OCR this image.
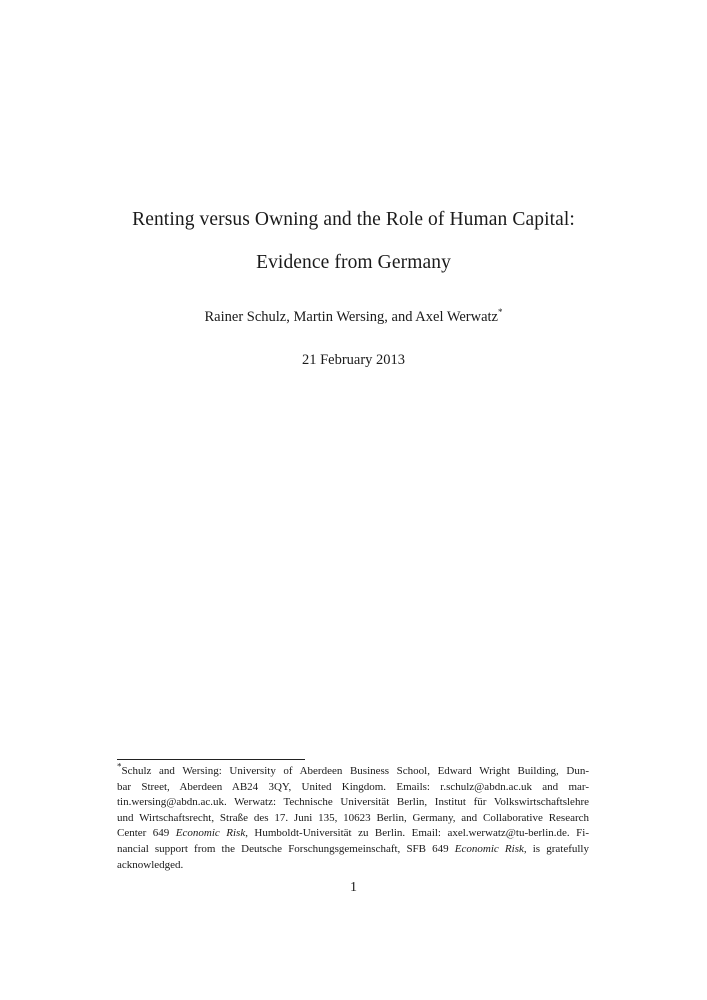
Renting versus Owning and the Role of Human Capital:
Evidence from Germany
Rainer Schulz, Martin Wersing, and Axel Werwatz*
21 February 2013
*Schulz and Wersing: University of Aberdeen Business School, Edward Wright Building, Dun-
bar Street, Aberdeen AB24 3QY, United Kingdom. Emails: r.schulz@abdn.ac.uk and mar-
tin.wersing@abdn.ac.uk. Werwatz: Technische Universität Berlin, Institut für Volkswirtschaftslehre
und Wirtschaftsrecht, Straße des 17. Juni 135, 10623 Berlin, Germany, and Collaborative Research
Center 649 Economic Risk, Humboldt-Universität zu Berlin. Email: axel.werwatz@tu-berlin.de. Fi-
nancial support from the Deutsche Forschungsgemeinschaft, SFB 649 Economic Risk, is gratefully
acknowledged.
1
